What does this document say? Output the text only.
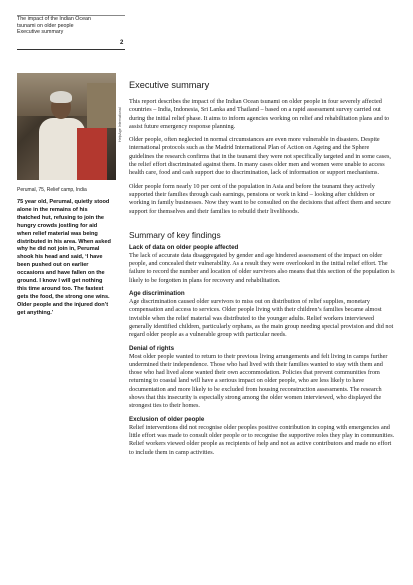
The impact of the Indian Ocean
tsunami on older people
Executive summary
2
HelpAge International
Perumal, 75, Relief camp, India
75 year old, Perumal, quietly stood alone in the remains of his thatched hut, refusing to join the hungry crowds jostling for aid when relief material was being distributed in his area. When asked why he did not join in, Perumal shook his head and said, ‘I have been pushed out on earlier occasions and have fallen on the ground. I know I will get nothing this time around too. The fastest gets the food, the strong one wins. Older people and the injured don’t get anything.’
Executive summary

This report describes the impact of the Indian Ocean tsunami on older people in four severely affected countries – India, Indonesia, Sri Lanka and Thailand – based on a rapid assessment survey carried out during the initial relief phase. It aims to inform agencies working on relief and rehabilitation plans and to assist future emergency response planning.

Older people, often neglected in normal circumstances are even more vulnerable in disasters. Despite international protocols such as the Madrid International Plan of Action on Ageing and the Sphere guidelines the research confirms that in the tsunami they were not specifically targeted and in some cases, the relief effort discriminated against them. In many cases older men and women were unable to access health care, food and cash support due to discrimination, lack of information or support mechanisms.

Older people form nearly 10 per cent of the population in Asia and before the tsunami they actively supported their families through cash earnings, pensions or work in kind – looking after children or working in family businesses. Now they want to be consulted on the decisions that affect them and secure support for themselves and their families to rebuild their livelihoods.

Summary of key findings
Lack of data on older people affected

The lack of accurate data disaggregated by gender and age hindered assessment of the impact on older people, and concealed their vulnerability. As a result they were overlooked in the initial relief effort. The failure to record the number and location of older survivors also means that this section of the population is likely to be forgotten in plans for recovery and rehabilitation.

Age discrimination

Age discrimination caused older survivors to miss out on distribution of relief supplies, monetary compensation and access to services. Older people living with their children’s families became almost invisible when the relief material was distributed to the younger adults. Relief workers interviewed generally identified children, particularly orphans, as the main group needing special provision and did not regard older people as a vulnerable group with particular needs.

Denial of rights

Most older people wanted to return to their previous living arrangements and felt living in camps further undermined their independence. Those who had lived with their families wanted to stay with them and those who had lived alone wanted their own accommodation. Policies that prevent communities from returning to coastal land will have a serious impact on older people, who are less likely to have documentation and more likely to be excluded from housing reconstruction assessments. The research shows that this insecurity is especially strong among the older women interviewed, who displayed the strongest ties to their homes.

Exclusion of older people

Relief interventions did not recognise older peoples positive contribution in coping with emergencies and little effort was made to consult older people or to recognise the supportive roles they play in communities. Relief workers viewed older people as recipients of help and not as active contributors and made no effort to include them in camp activities.
